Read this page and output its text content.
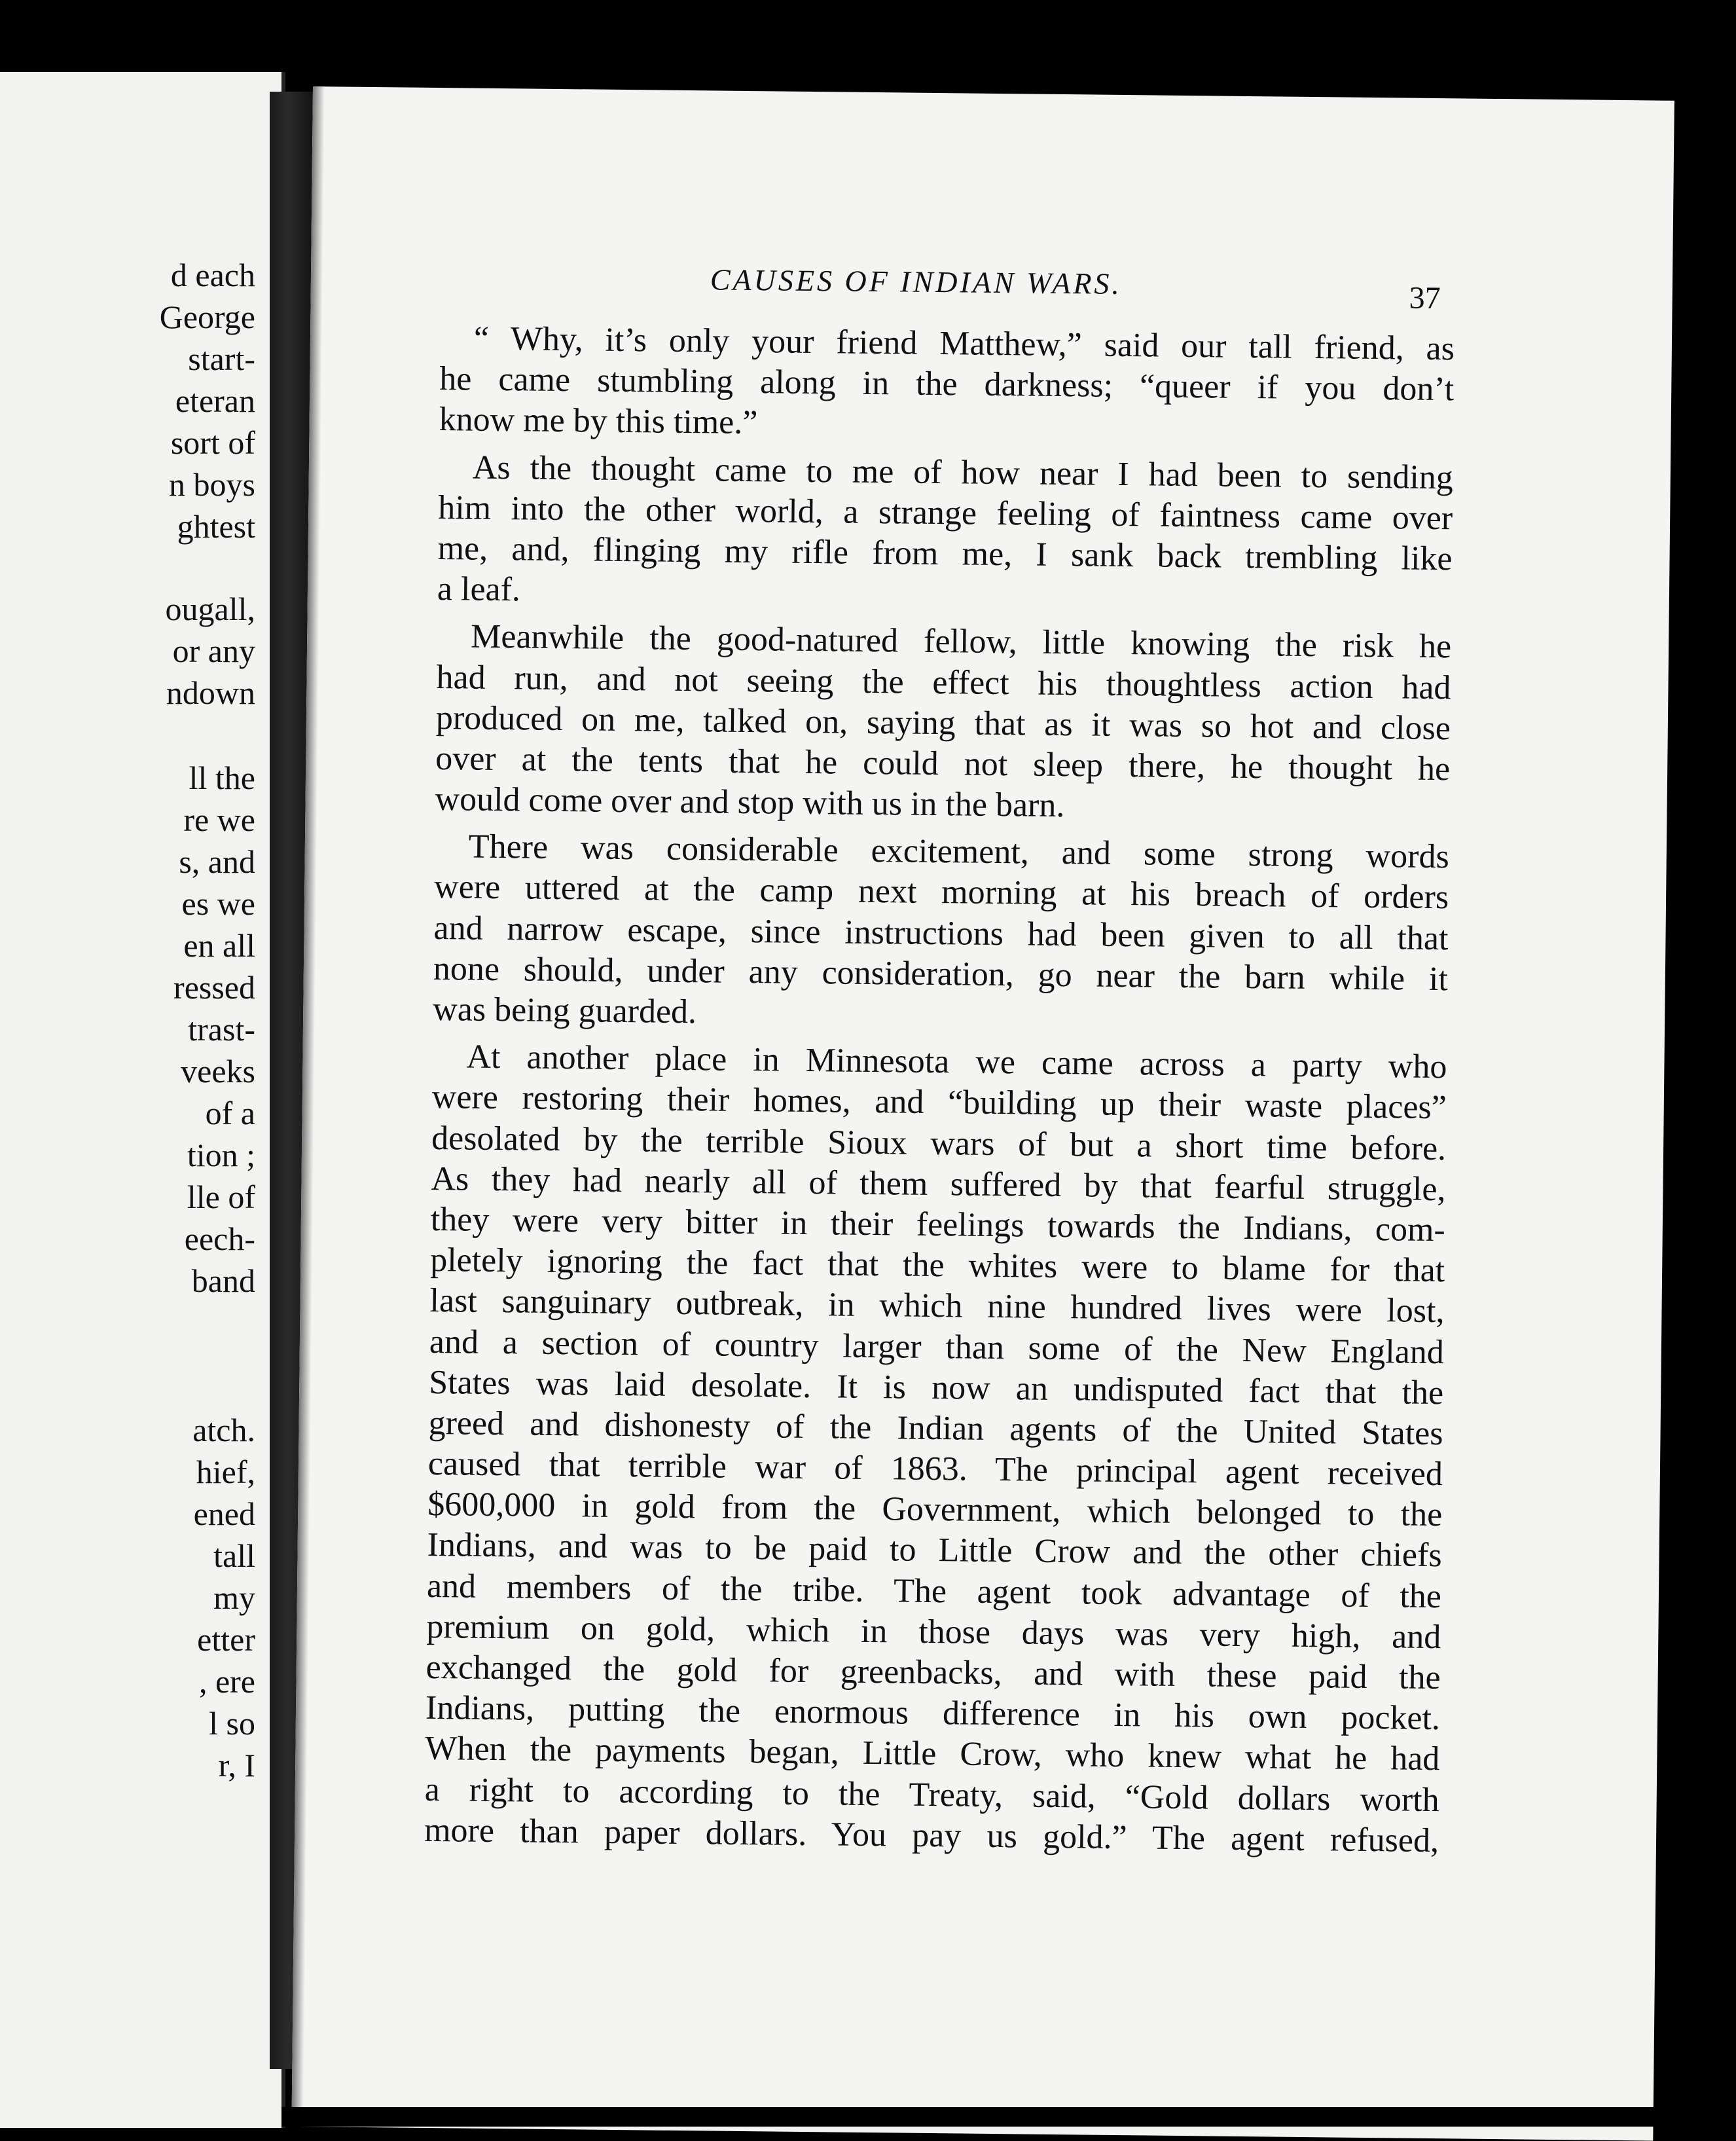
d each
George
start-
eteran
sort of
n boys
ghtest
ougall,
or any
ndown
ll the
re we
s, and
es we
en all
ressed
trast-
veeks
of a
tion ;
lle of
eech-
band
atch.
hief,
ened
tall
my
etter
, ere
l so
r, I
CAUSES OF INDIAN WARS.	37
“ Why, it’s only your friend Matthew,” said our tall friend, as
he came stumbling along in the darkness; “queer if you don’t
know me by this time.”
As the thought came to me of how near I had been to sending
him into the other world, a strange feeling of faintness came over
me, and, flinging my rifle from me, I sank back trembling like
a leaf.
Meanwhile the good-natured fellow, little knowing the risk he
had run, and not seeing the effect his thoughtless action had
produced on me, talked on, saying that as it was so hot and close
over at the tents that he could not sleep there, he thought he
would come over and stop with us in the barn.
There was considerable excitement, and some strong words
were uttered at the camp next morning at his breach of orders
and narrow escape, since instructions had been given to all that
none should, under any consideration, go near the barn while it
was being guarded.
At another place in Minnesota we came across a party who
were restoring their homes, and “building up their waste places”
desolated by the terrible Sioux wars of but a short time before.
As they had nearly all of them suffered by that fearful struggle,
they were very bitter in their feelings towards the Indians, com-
pletely ignoring the fact that the whites were to blame for that
last sanguinary outbreak, in which nine hundred lives were lost,
and a section of country larger than some of the New England
States was laid desolate. It is now an undisputed fact that the
greed and dishonesty of the Indian agents of the United States
caused that terrible war of 1863. The principal agent received
$600,000 in gold from the Government, which belonged to the
Indians, and was to be paid to Little Crow and the other chiefs
and members of the tribe. The agent took advantage of the
premium on gold, which in those days was very high, and
exchanged the gold for greenbacks, and with these paid the
Indians, putting the enormous difference in his own pocket.
When the payments began, Little Crow, who knew what he had
a right to according to the Treaty, said, “Gold dollars worth
more than paper dollars. You pay us gold.” The agent refused,
